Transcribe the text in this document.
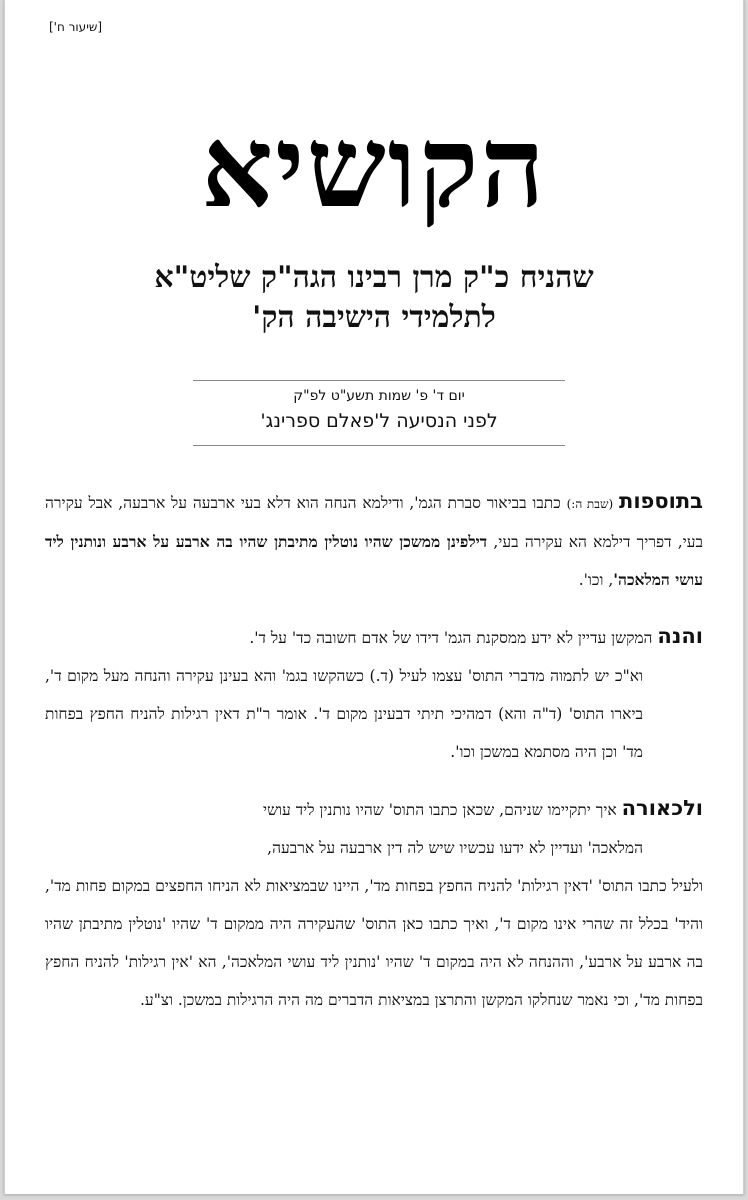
[שיעור ח']
הקושיא
שהניח כ"ק מרן רבינו הגה"ק שליט"א
לתלמידי הישיבה הק'
יום ד' פ' שמות תשע"ט לפ"ק
לפני הנסיעה ל'פאלם ספרינג'

בתוספות (שבת ה:) כתבו בביאור סברת הגמ', ודילמא הנחה הוא דלא בעי ארבעה על ארבעה, אבל עקירה בעי, דפריך דילמא הא עקירה בעי, דילפינן ממשכן שהיו נוטלין מתיבתן שהיו בה ארבע על ארבע ונותנין ליד עושי המלאכה', וכו'.

והנה המקשן עדיין לא ידע ממסקנת הגמ' דידו של אדם חשובה כד' על ד'.
וא"כ יש לתמוה מדברי התוס' עצמו לעיל (ד.) כשהקשו בגמ' והא בעינן עקירה והנחה מעל מקום ד', ביארו התוס' (ד"ה והא) דמהיכי תיתי דבעינן מקום ד'. אומר ר"ת דאין רגילות להניח החפץ בפחות מד' וכן היה מסתמא במשכן וכו'.

ולכאורה איך יתקיימו שניהם, שכאן כתבו התוס' שהיו נותנין ליד עושי
המלאכה' ועדיין לא ידעו עכשיו שיש לה דין ארבעה על ארבעה,
ולעיל כתבו התוס' 'דאין רגילות' להניח החפץ בפחות מד', היינו שבמציאות לא הניחו החפצים במקום פחות מד', והיד' בכלל זה שהרי אינו מקום ד', ואיך כתבו כאן התוס' שהעקירה היה ממקום ד' שהיו 'נוטלין מתיבתן שהיו בה ארבע על ארבע', וההנחה לא היה במקום ד' שהיו 'נותנין ליד עושי המלאכה', הא 'אין רגילות' להניח החפץ בפחות מד', וכי נאמר שנחלקו המקשן והתרצן במציאות הדברים מה היה הרגילות במשכן. וצ"ע.
